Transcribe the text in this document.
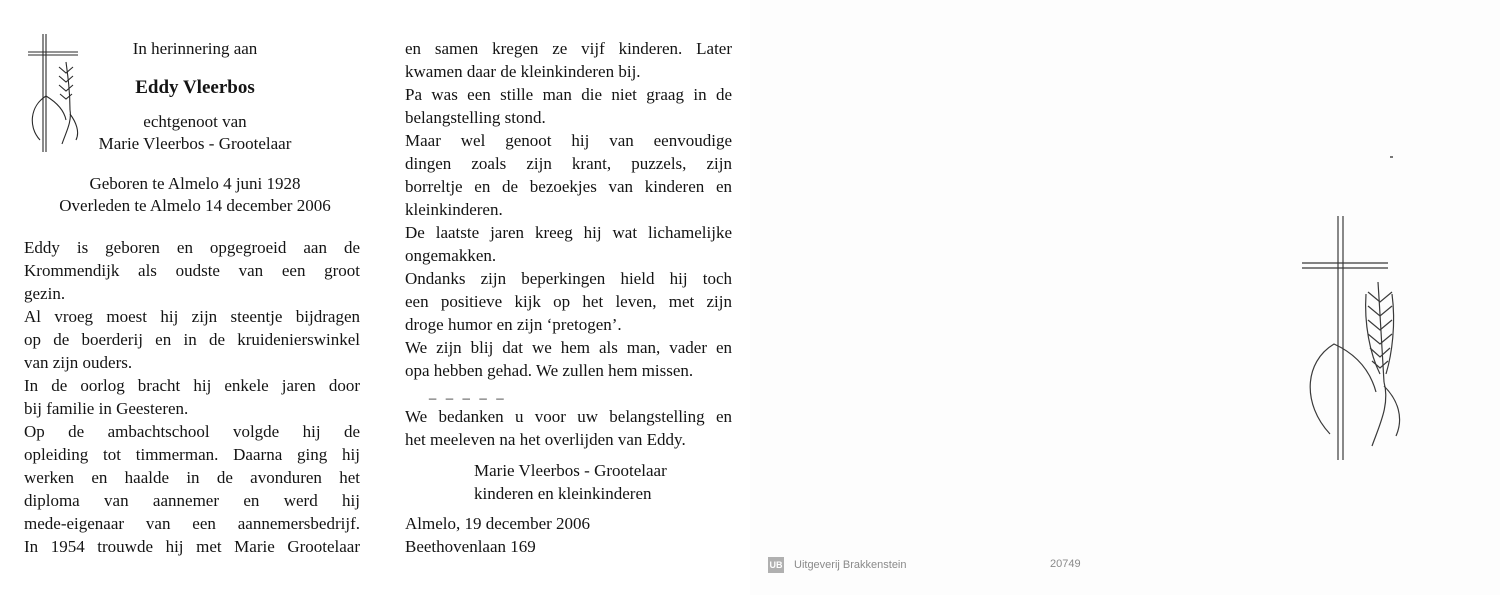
In herinnering aan
Eddy Vleerbos
echtgenoot van
Marie Vleerbos - Grootelaar
Geboren te Almelo 4 juni 1928
Overleden te Almelo 14 december 2006
Eddy is geboren en opgegroeid aan de
Krommendijk als oudste van een groot
gezin.
Al vroeg moest hij zijn steentje bijdragen
op de boerderij en in de kruidenierswinkel
van zijn ouders.
In de oorlog bracht hij enkele jaren door
bij familie in Geesteren.
Op de ambachtschool volgde hij de
opleiding tot timmerman. Daarna ging hij
werken en haalde in de avonduren het
diploma van aannemer en werd hij
mede-eigenaar van een aannemersbedrijf.
In 1954 trouwde hij met Marie Grootelaar
en samen kregen ze vijf kinderen. Later
kwamen daar de kleinkinderen bij.
Pa was een stille man die niet graag in de
belangstelling stond.
Maar wel genoot hij van eenvoudige
dingen zoals zijn krant, puzzels, zijn
borreltje en de bezoekjes van kinderen en
kleinkinderen.
De laatste jaren kreeg hij wat lichamelijke
ongemakken.
Ondanks zijn beperkingen hield hij toch
een positieve kijk op het leven, met zijn
droge humor en zijn ‘pretogen’.
We zijn blij dat we hem als man, vader en
opa hebben gehad. We zullen hem missen.
_ _ _ _ _
We bedanken u voor uw belangstelling en
het meeleven na het overlijden van Eddy.
Marie Vleerbos - Grootelaar
kinderen en kleinkinderen
Almelo, 19 december 2006
Beethovenlaan 169
UB Uitgeverij Brakkenstein	20749
